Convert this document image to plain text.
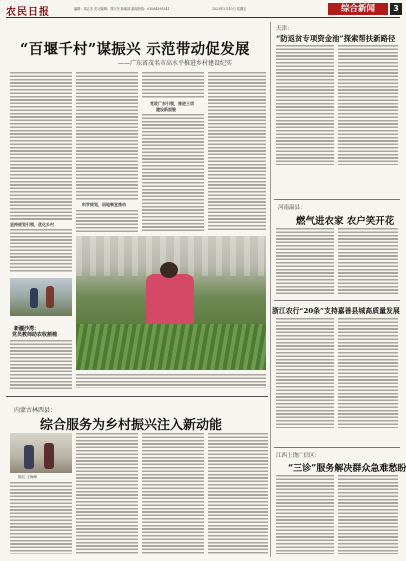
农民日报	编辑：周乙木 见习编辑：郑少杰 新闻部 新闻热线：01084395341	2023年2月10日 星期五	综合新闻	3
“百堰千村”谋振兴 示范带动促发展
——广东省茂名市高水平推进乡村建设纪实
坚持规划引领，优化乡村
科学规划，因地制宜推动
党政广东引领，推进三项
建设新面貌

新疆沙湾：
党员教师助农收割棉
内蒙古林西县：
综合服务为乡村振兴注入新动能
陈红 王海峰
天津：
“防返贫专项资金池”探索帮扶新路径
河南温县：
燃气进农家 农户笑开花
浙江农行“20条”支持嘉善县城高质量发展
江西上饶广信区：
“三诊”服务解决群众急难愁盼
